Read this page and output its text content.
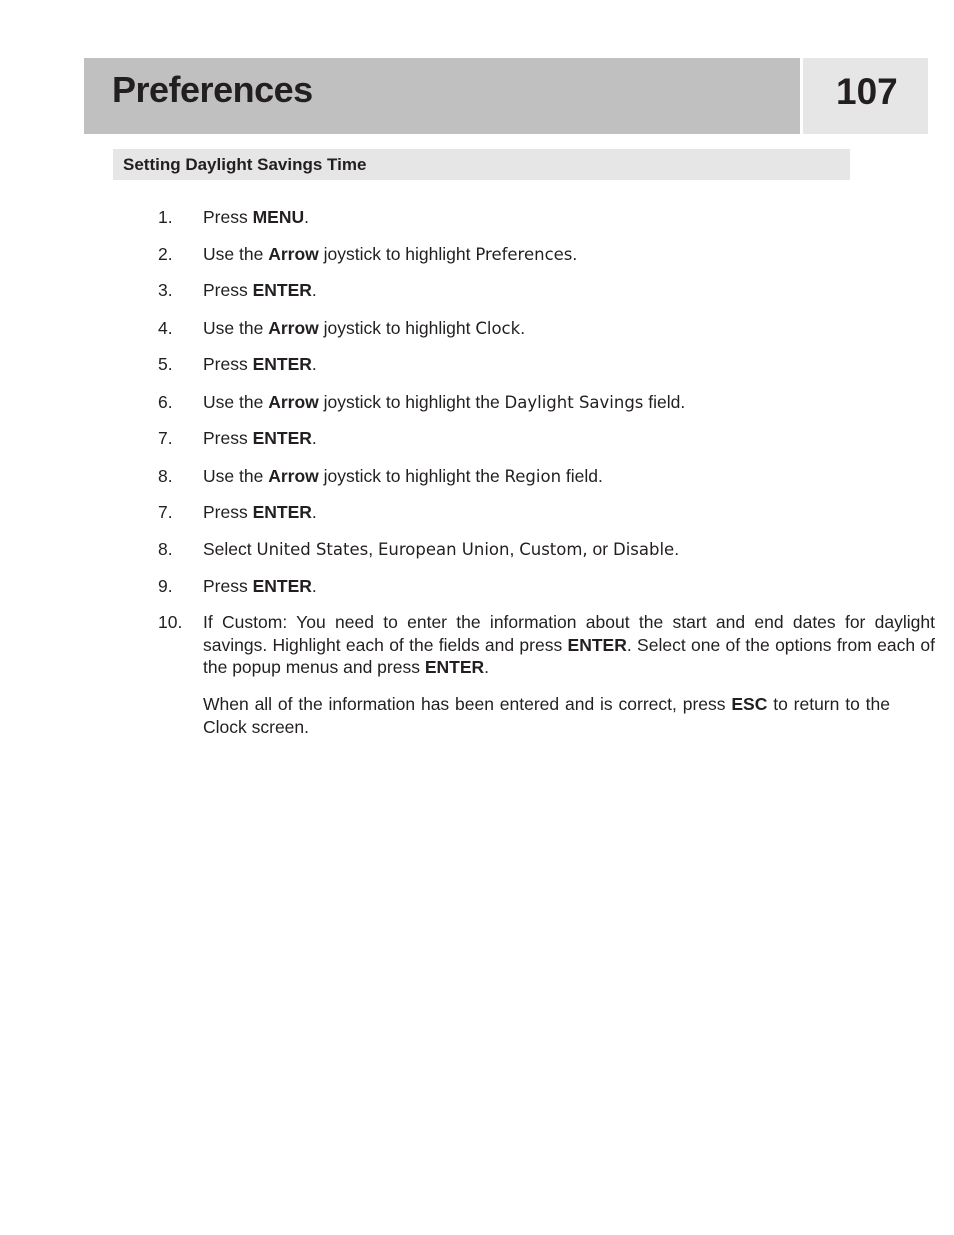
Preferences	107
Setting Daylight Savings Time
1. Press MENU.
2. Use the Arrow joystick to highlight Preferences.
3. Press ENTER.
4. Use the Arrow joystick to highlight Clock.
5. Press ENTER.
6. Use the Arrow joystick to highlight the Daylight Savings field.
7. Press ENTER.
8. Use the Arrow joystick to highlight the Region field.
7. Press ENTER.
8. Select United States, European Union, Custom, or Disable.
9. Press ENTER.
10. If Custom: You need to enter the information about the start and end dates for daylight savings. Highlight each of the fields and press ENTER. Select one of the options from each of the popup menus and press ENTER.
When all of the information has been entered and is correct, press ESC to return to the Clock screen.
